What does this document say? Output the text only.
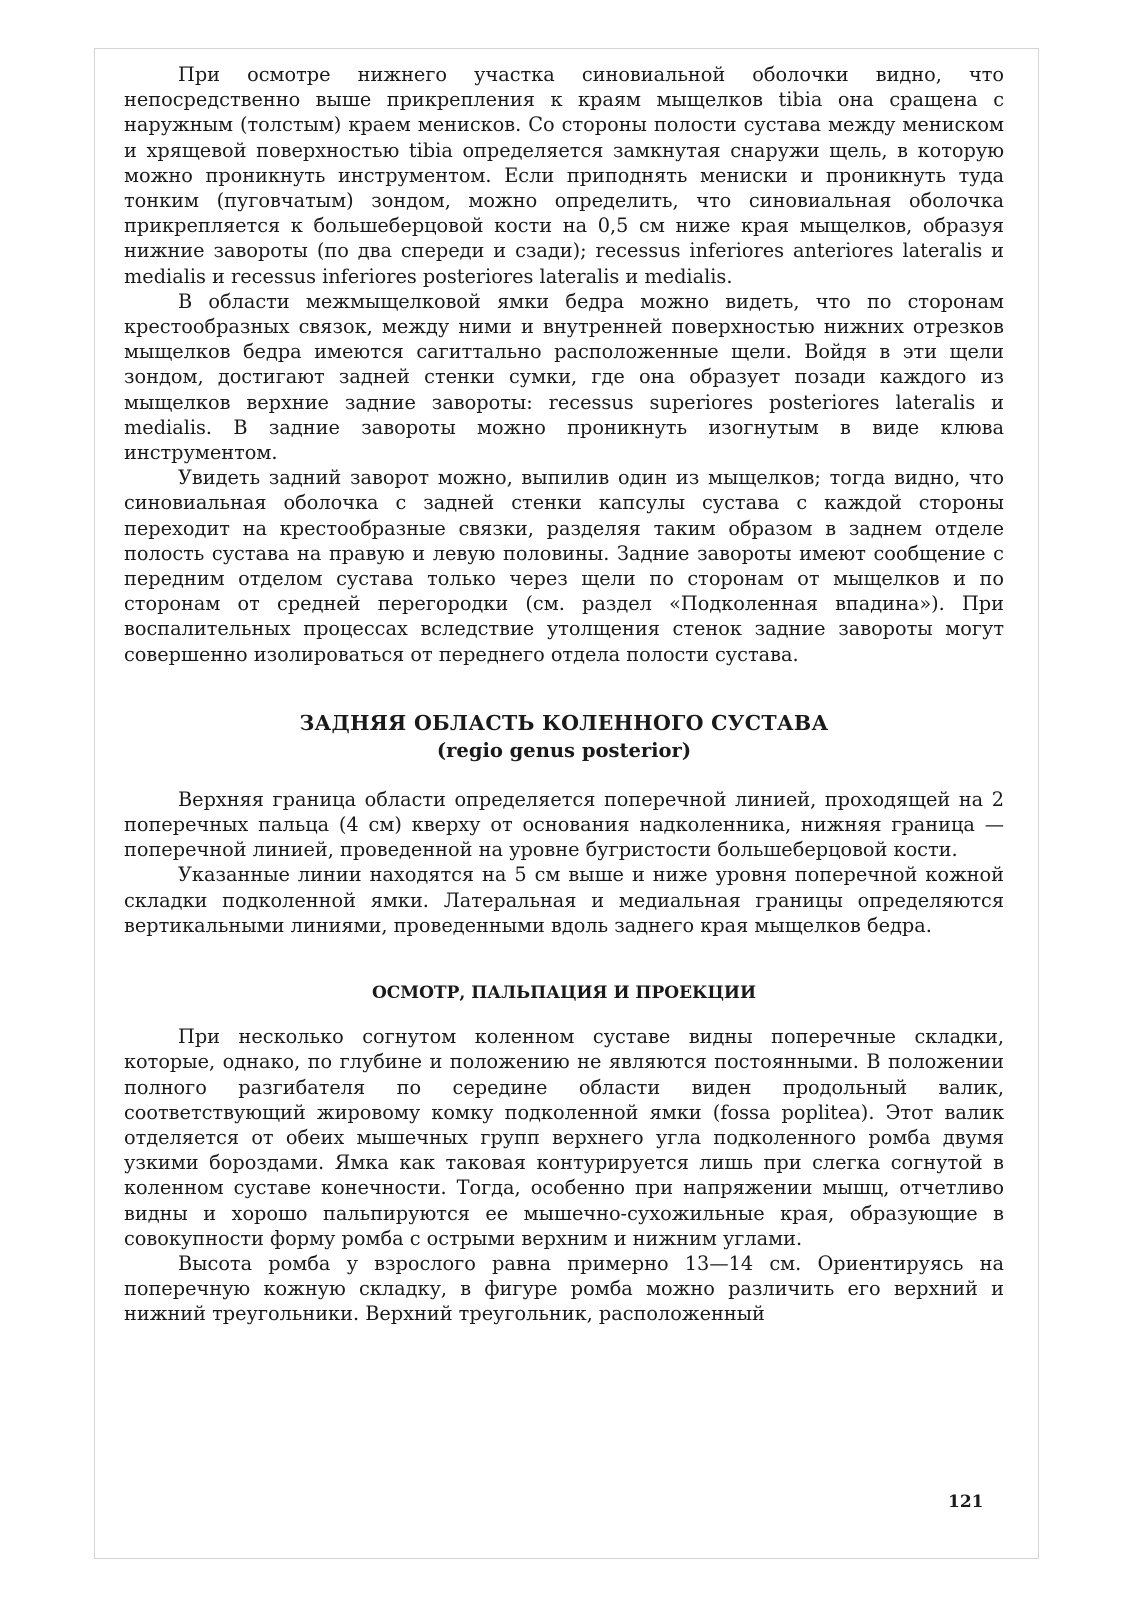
При осмотре нижнего участка синовиальной оболочки видно, что непосредственно выше прикрепления к краям мыщелков tibia она сращена с наружным (толстым) краем менисков. Со стороны полости сустава между мениском и хрящевой поверхностью tibia определяется замкнутая снаружи щель, в которую можно проникнуть инструментом. Если приподнять мениски и проникнуть туда тонким (пуговчатым) зондом, можно определить, что синовиальная оболочка прикрепляется к большеберцовой кости на 0,5 см ниже края мыщелков, образуя нижние завороты (по два спереди и сзади); recessus inferiores anteriores lateralis и medialis и recessus inferiores posteriores lateralis и medialis.

В области межмыщелковой ямки бедра можно видеть, что по сторонам крестообразных связок, между ними и внутренней поверхностью нижних отрезков мыщелков бедра имеются сагиттально расположенные щели. Войдя в эти щели зондом, достигают задней стенки сумки, где она образует позади каждого из мыщелков верхние задние завороты: recessus superiores posteriores lateralis и medialis. В задние завороты можно проникнуть изогнутым в виде клюва инструментом.

Увидеть задний заворот можно, выпилив один из мыщелков; тогда видно, что синовиальная оболочка с задней стенки капсулы сустава с каждой стороны переходит на крестообразные связки, разделяя таким образом в заднем отделе полость сустава на правую и левую половины. Задние завороты имеют сообщение с передним отделом сустава только через щели по сторонам от мыщелков и по сторонам от средней перегородки (см. раздел «Подколенная впадина»). При воспалительных процессах вследствие утолщения стенок задние завороты могут совершенно изолироваться от переднего отдела полости сустава.

ЗАДНЯЯ ОБЛАСТЬ КОЛЕННОГО СУСТАВА
(regio genus posterior)

Верхняя граница области определяется поперечной линией, проходящей на 2 поперечных пальца (4 см) кверху от основания надколенника, нижняя граница — поперечной линией, проведенной на уровне бугристости большеберцовой кости.

Указанные линии находятся на 5 см выше и ниже уровня поперечной кожной складки подколенной ямки. Латеральная и медиальная границы определяются вертикальными линиями, проведенными вдоль заднего края мыщелков бедра.

ОСМОТР, ПАЛЬПАЦИЯ И ПРОЕКЦИИ

При несколько согнутом коленном суставе видны поперечные складки, которые, однако, по глубине и положению не являются постоянными. В положении полного разгибателя по середине области виден продольный валик, соответствующий жировому комку подколенной ямки (fossa poplitea). Этот валик отделяется от обеих мышечных групп верхнего угла подколенного ромба двумя узкими бороздами. Ямка как таковая контурируется лишь при слегка согнутой в коленном суставе конечности. Тогда, особенно при напряжении мышц, отчетливо видны и хорошо пальпируются ее мышечно-сухожильные края, образующие в совокупности форму ромба с острыми верхним и нижним углами.

Высота ромба у взрослого равна примерно 13—14 см. Ориентируясь на поперечную кожную складку, в фигуре ромба можно различить его верхний и нижний треугольники. Верхний треугольник, расположенный

121
